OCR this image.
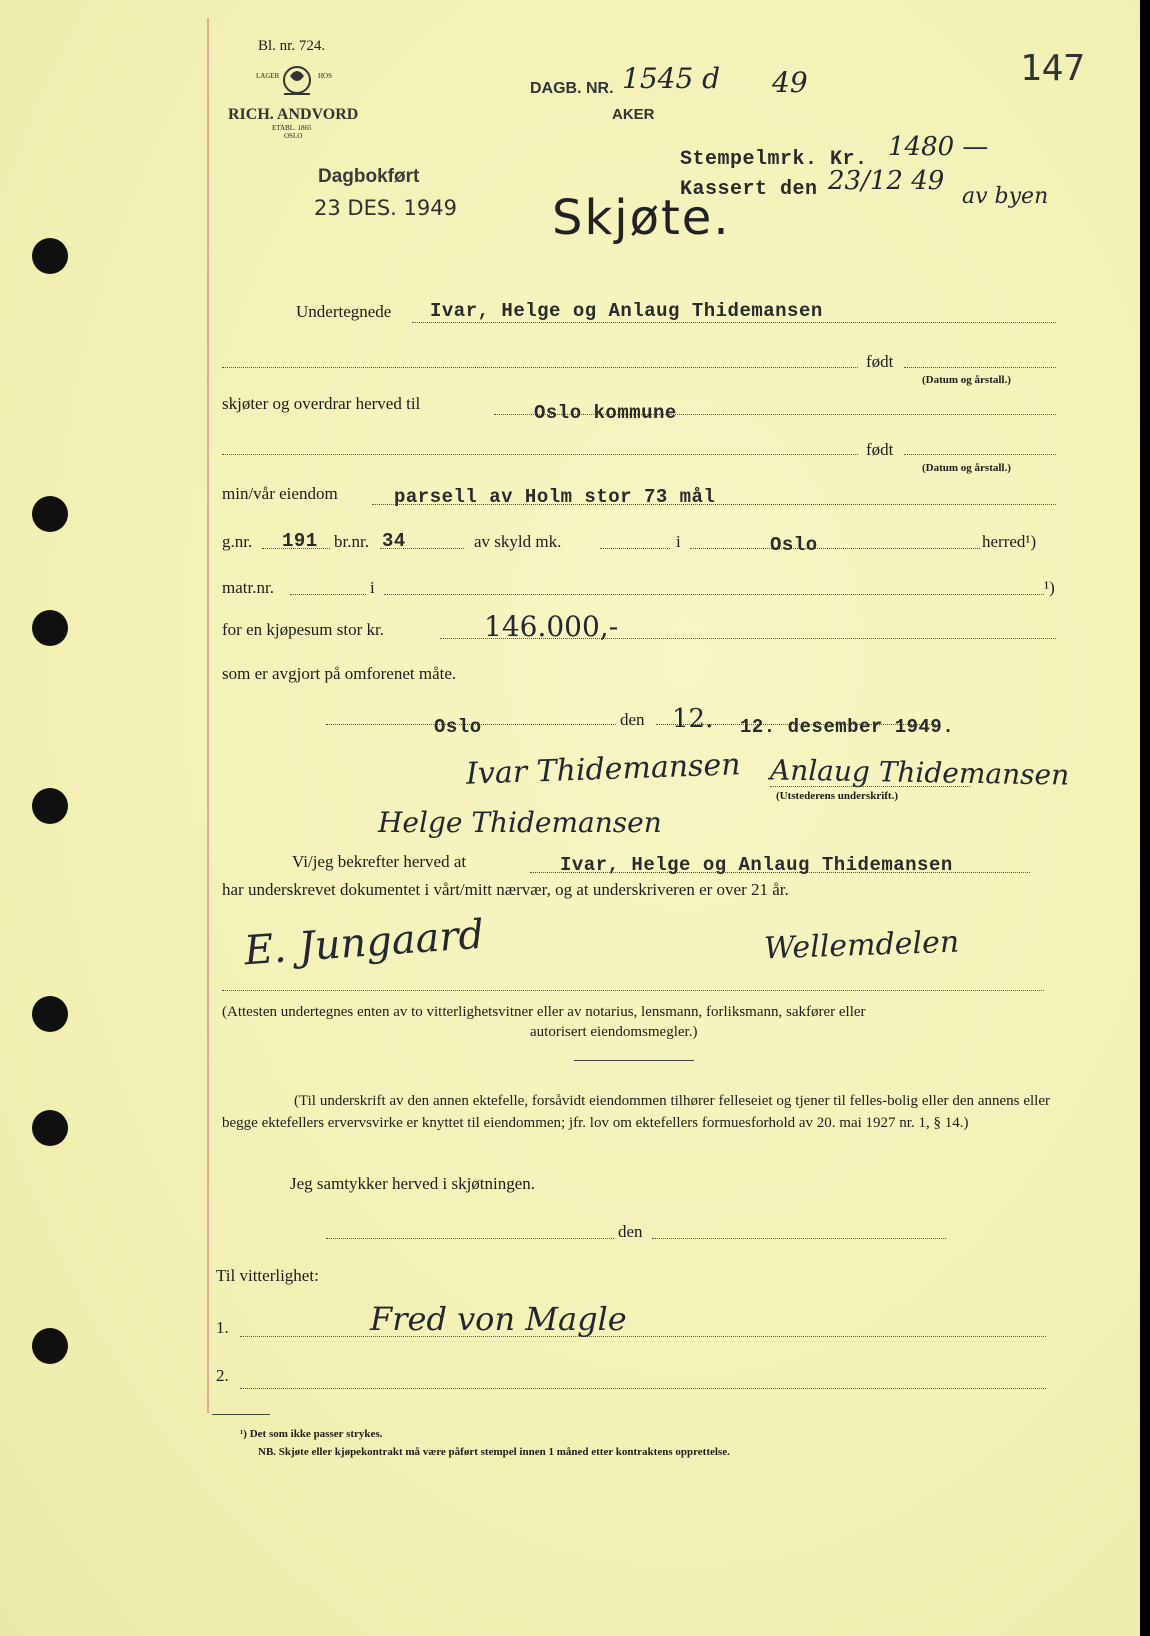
Bl. nr. 724.
LAGER	HOS
RICH. ANDVORD
ETABL. 1865
OSLO
Dagbokført
23 DES. 1949
DAGB. NR. 1545 d 49
AKER
147
Stempelmrk. Kr. 1480 —
Kassert den 23/12 49
av byen
Skjøte.
Undertegnede Ivar, Helge og Anlaug Thidemansen
født
(Datum og årstall.)
skjøter og overdrar herved til	Oslo kommune
født
(Datum og årstall.)
min/vår eiendom	parsell av Holm stor 73 mål
g.nr. 191 br.nr. 34	av skyld mk.	i	Oslo	herred¹)
matr.nr.	i	¹)
for en kjøpesum stor kr.	146.000,-
som er avgjort på omforenet måte.
Oslo	den 12. 12. desember 1949.
Ivar Thidemansen Anlaug Thidemansen
(Utstederens underskrift.)
Helge Thidemansen
Vi/jeg bekrefter herved at	Ivar, Helge og Anlaug Thidemansen
har underskrevet dokumentet i vårt/mitt nærvær, og at underskriveren er over 21 år.
E. Jungaard	Wellemdelen
(Attesten undertegnes enten av to vitterlighetsvitner eller av notarius, lensmann, forliksmann, sakfører eller
autorisert eiendomsmegler.)
(Til underskrift av den annen ektefelle, forsåvidt eiendommen tilhører felleseiet og tjener til felles-bolig eller den annens eller begge ektefellers ervervsvirke er knyttet til eiendommen; jfr. lov om ektefellers formuesforhold av 20. mai 1927 nr. 1, § 14.)
Jeg samtykker herved i skjøtningen.
den
Til vitterlighet:
1.	Fred von Magle
2.
¹) Det som ikke passer strykes.
NB. Skjøte eller kjøpekontrakt må være påført stempel innen 1 måned etter kontraktens opprettelse.
